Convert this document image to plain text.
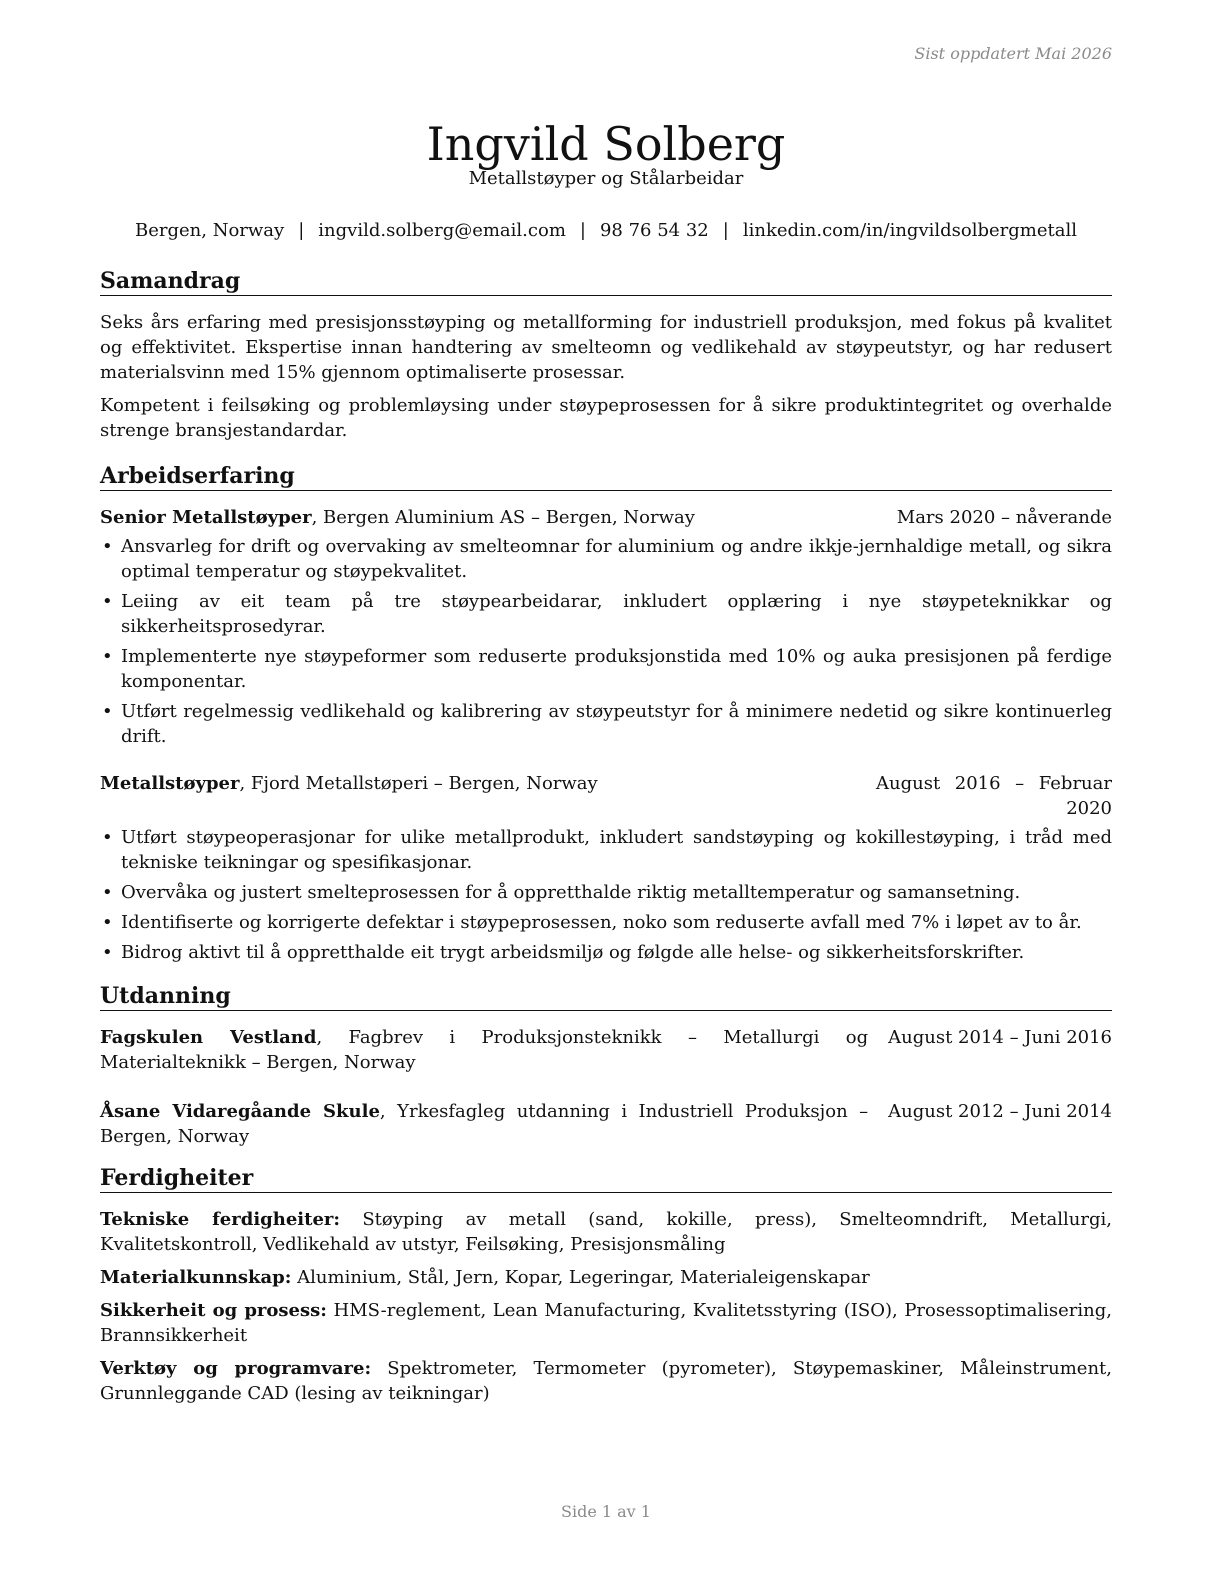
Sist oppdatert Mai 2026
Ingvild Solberg
Metallstøyper og Stålarbeidar
Bergen, Norway | ingvild.solberg@email.com | 98 76 54 32 | linkedin.com/in/ingvildsolbergmetall
Samandrag

Seks års erfaring med presisjonsstøyping og metallforming for industriell produksjon, med fokus på kvalitet og effektivitet. Ekspertise innan handtering av smelteomn og vedlikehald av støypeutstyr, og har redusert materialsvinn med 15% gjennom optimaliserte prosessar.

Kompetent i feilsøking og problemløysing under støypeprosessen for å sikre produktintegritet og overhalde strenge bransjestandardar.

Arbeidserfaring
Senior Metallstøyper, Bergen Aluminium AS – Bergen, Norway	Mars 2020 – nåverande
• Ansvarleg for drift og overvaking av smelteomnar for aluminium og andre ikkje-jernhaldige metall, og sikra optimal temperatur og støypekvalitet.
• Leiing av eit team på tre støypearbeidarar, inkludert opplæring i nye støypeteknikkar og sikkerheitsprosedyrar.
• Implementerte nye støypeformer som reduserte produksjonstida med 10% og auka presisjonen på ferdige komponentar.
• Utført regelmessig vedlikehald og kalibrering av støypeutstyr for å minimere nedetid og sikre kontinuerleg drift.
Metallstøyper, Fjord Metallstøperi – Bergen, Norway	August 2016 – Februar 2020
• Utført støypeoperasjonar for ulike metallprodukt, inkludert sandstøyping og kokillestøyping, i tråd med tekniske teikningar og spesifikasjonar.
• Overvåka og justert smelteprosessen for å oppretthalde riktig metalltemperatur og samansetning.
• Identifiserte og korrigerte defektar i støypeprosessen, noko som reduserte avfall med 7% i løpet av to år.
• Bidrog aktivt til å oppretthalde eit trygt arbeidsmiljø og følgde alle helse- og sikkerheitsforskrifter.
Utdanning
Fagskulen Vestland, Fagbrev i Produksjonsteknikk – Metallurgi og Materialteknikk – Bergen, Norway
August 2014 – Juni 2016
Åsane Vidaregåande Skule, Yrkesfagleg utdanning i Industriell Produksjon – Bergen, Norway
August 2012 – Juni 2014
Ferdigheiter

Tekniske ferdigheiter: Støyping av metall (sand, kokille, press), Smelteomndrift, Metallurgi, Kvalitetskontroll, Vedlikehald av utstyr, Feilsøking, Presisjonsmåling

Materialkunnskap: Aluminium, Stål, Jern, Kopar, Legeringar, Materialeigenskapar

Sikkerheit og prosess: HMS-reglement, Lean Manufacturing, Kvalitetsstyring (ISO), Prosessoptimalisering, Brannsikkerheit

Verktøy og programvare: Spektrometer, Termometer (pyrometer), Støypemaskiner, Måleinstrument, Grunnleggande CAD (lesing av teikningar)

Side 1 av 1
